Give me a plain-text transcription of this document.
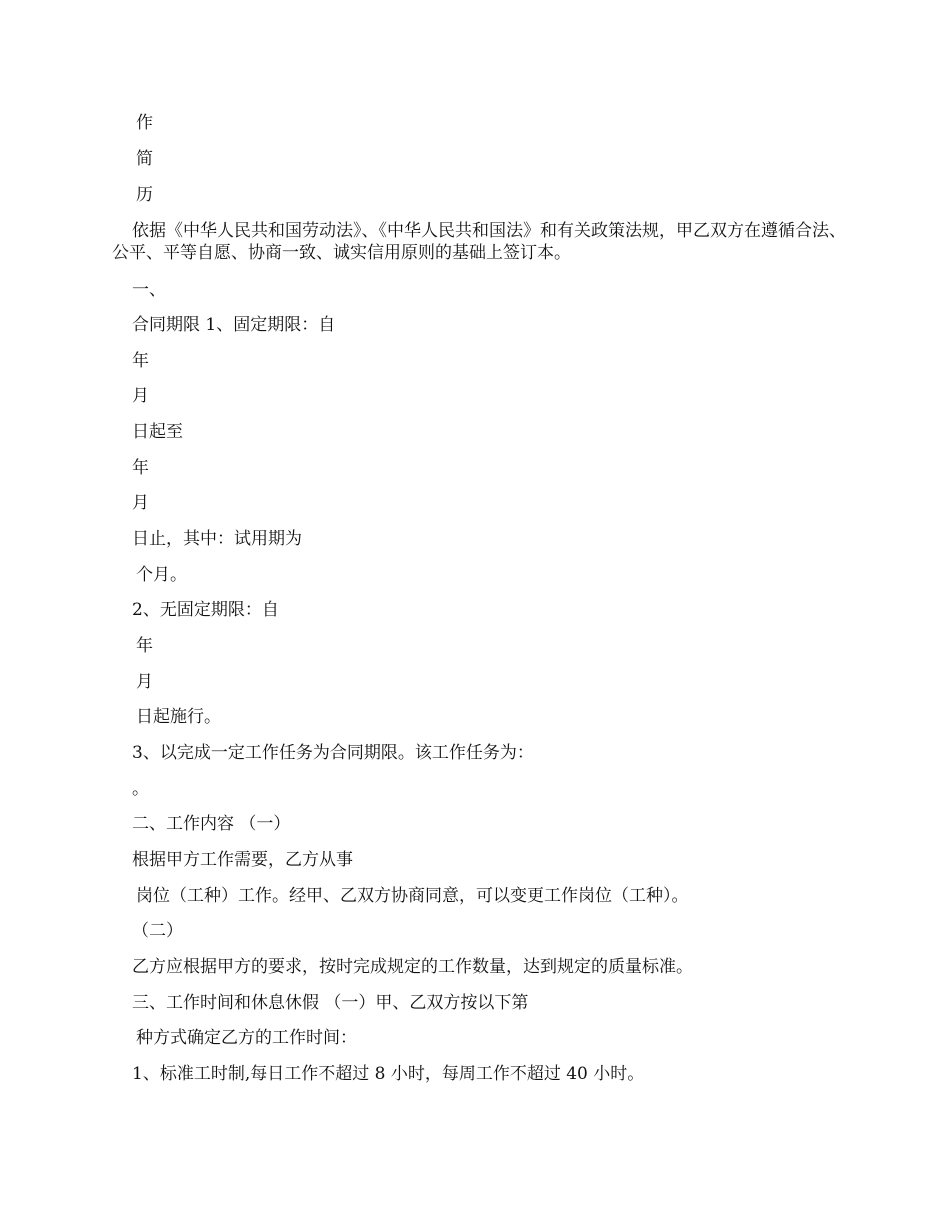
作
简
历
依据《中华人民共和国劳动法》、《中华人民共和国法》和有关政策法规，甲乙双方在遵循合法、公平、平等自愿、协商一致、诚实信用原则的基础上签订本。
一、
合同期限 1、固定期限：自
年
月
日起至
年
月
日止，其中：试用期为
个月。
2、无固定期限：自
年
月
日起施行。
3、以完成一定工作任务为合同期限。该工作任务为：
。
二、工作内容 （一）
根据甲方工作需要，乙方从事
岗位（工种）工作。经甲、乙双方协商同意，可以变更工作岗位（工种）。
（二）
乙方应根据甲方的要求，按时完成规定的工作数量，达到规定的质量标准。
三、工作时间和休息休假 （一）甲、乙双方按以下第
种方式确定乙方的工作时间：
1、标准工时制,每日工作不超过 8 小时，每周工作不超过 40 小时。
